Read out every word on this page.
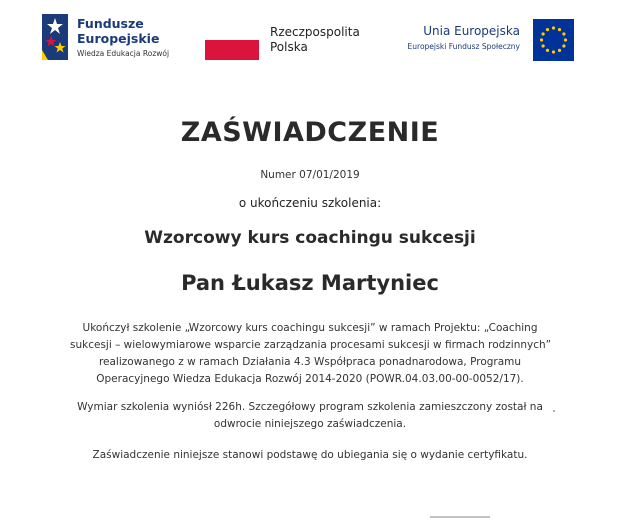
Fundusze
Europejskie
Wiedza Edukacja Rozwój
Rzeczpospolita
Polska
Unia Europejska
Europejski Fundusz Społeczny
ZAŚWIADCZENIE
Numer 07/01/2019
o ukończeniu szkolenia:
Wzorcowy kurs coachingu sukcesji
Pan Łukasz Martyniec
Ukończył szkolenie „Wzorcowy kurs coachingu sukcesji” w ramach Projektu: „Coaching
sukcesji – wielowymiarowe wsparcie zarządzania procesami sukcesji w firmach rodzinnych”
realizowanego z w ramach Działania 4.3 Współpraca ponadnarodowa, Programu
Operacyjnego Wiedza Edukacja Rozwój 2014-2020 (POWR.04.03.00-00-0052/17).
Wymiar szkolenia wyniósł 226h. Szczegółowy program szkolenia zamieszczony został na
odwrocie niniejszego zaświadczenia.
Zaświadczenie niniejsze stanowi podstawę do ubiegania się o wydanie certyfikatu.
